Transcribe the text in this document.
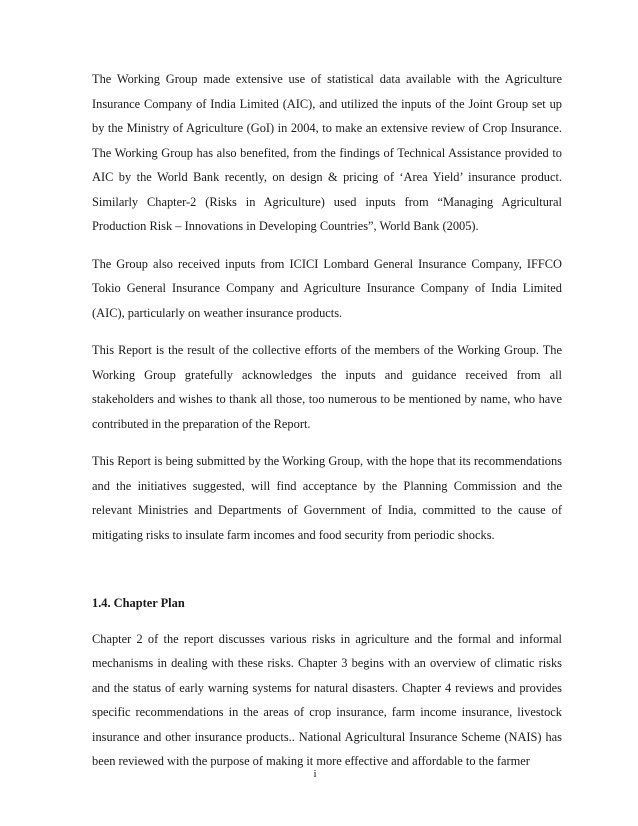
The Working Group made extensive use of statistical data available with the Agriculture Insurance Company of India Limited (AIC), and utilized the inputs of the Joint Group set up by the Ministry of Agriculture (GoI) in 2004, to make an extensive review of Crop Insurance. The Working Group has also benefited, from the findings of Technical Assistance provided to AIC by the World Bank recently, on design & pricing of ‘Area Yield’ insurance product. Similarly Chapter-2 (Risks in Agriculture) used inputs from “Managing Agricultural Production Risk – Innovations in Developing Countries”, World Bank (2005).

The Group also received inputs from ICICI Lombard General Insurance Company, IFFCO Tokio General Insurance Company and Agriculture Insurance Company of India Limited (AIC), particularly on weather insurance products.

This Report is the result of the collective efforts of the members of the Working Group. The Working Group gratefully acknowledges the inputs and guidance received from all stakeholders and wishes to thank all those, too numerous to be mentioned by name, who have contributed in the preparation of the Report.

This Report is being submitted by the Working Group, with the hope that its recommendations and the initiatives suggested, will find acceptance by the Planning Commission and the relevant Ministries and Departments of Government of India, committed to the cause of mitigating risks to insulate farm incomes and food security from periodic shocks.

1.4. Chapter Plan

Chapter 2 of the report discusses various risks in agriculture and the formal and informal mechanisms in dealing with these risks. Chapter 3 begins with an overview of climatic risks and the status of early warning systems for natural disasters. Chapter 4 reviews and provides specific recommendations in the areas of crop insurance, farm income insurance, livestock insurance and other insurance products.. National Agricultural Insurance Scheme (NAIS) has been reviewed with the purpose of making it more effective and affordable to the farmer

i
